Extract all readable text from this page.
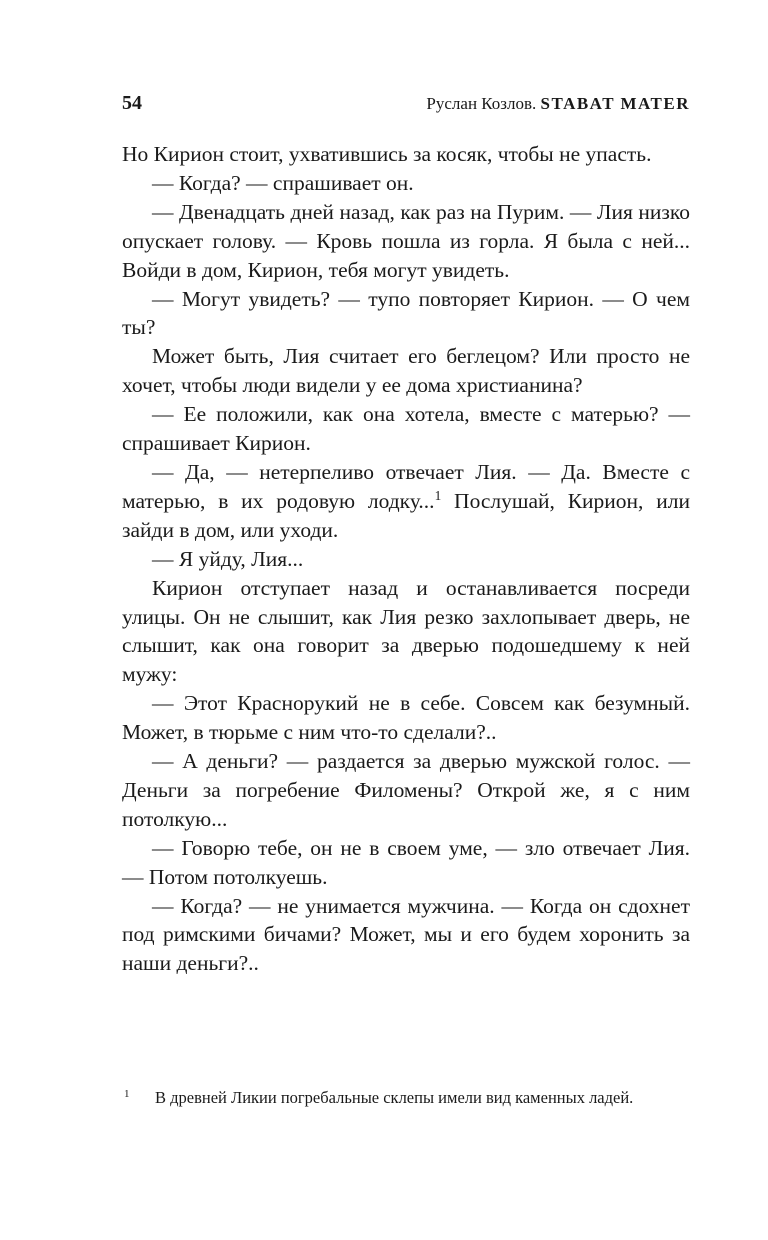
54	Руслан Козлов. STABAT MATER

Но Кирион стоит, ухватившись за косяк, чтобы не упасть.

— Когда? — спрашивает он.

— Двенадцать дней назад, как раз на Пурим. — Лия низко опускает голову. — Кровь пошла из горла. Я была с ней... Войди в дом, Кирион, тебя могут увидеть.

— Могут увидеть? — тупо повторяет Кирион. — О чем ты?

Может быть, Лия считает его беглецом? Или просто не хочет, чтобы люди видели у ее дома христианина?

— Ее положили, как она хотела, вместе с матерью? — спрашивает Кирион.

— Да, — нетерпеливо отвечает Лия. — Да. Вместе с матерью, в их родовую лодку...$^1$ Послушай, Кирион, или зайди в дом, или уходи.

— Я уйду, Лия...

Кирион отступает назад и останавливается посреди улицы. Он не слышит, как Лия резко захлопывает дверь, не слышит, как она говорит за дверью подошедшему к ней мужу:

— Этот Краснорукий не в себе. Совсем как безумный. Может, в тюрьме с ним что-то сделали?..

— А деньги? — раздается за дверью мужской голос. — Деньги за погребение Филомены? Открой же, я с ним потолкую...

— Говорю тебе, он не в своем уме, — зло отвечает Лия. — Потом потолкуешь.

— Когда? — не унимается мужчина. — Когда он сдохнет под римскими бичами? Может, мы и его будем хоронить за наши деньги?..

1 В древней Ликии погребальные склепы имели вид каменных ладей.
